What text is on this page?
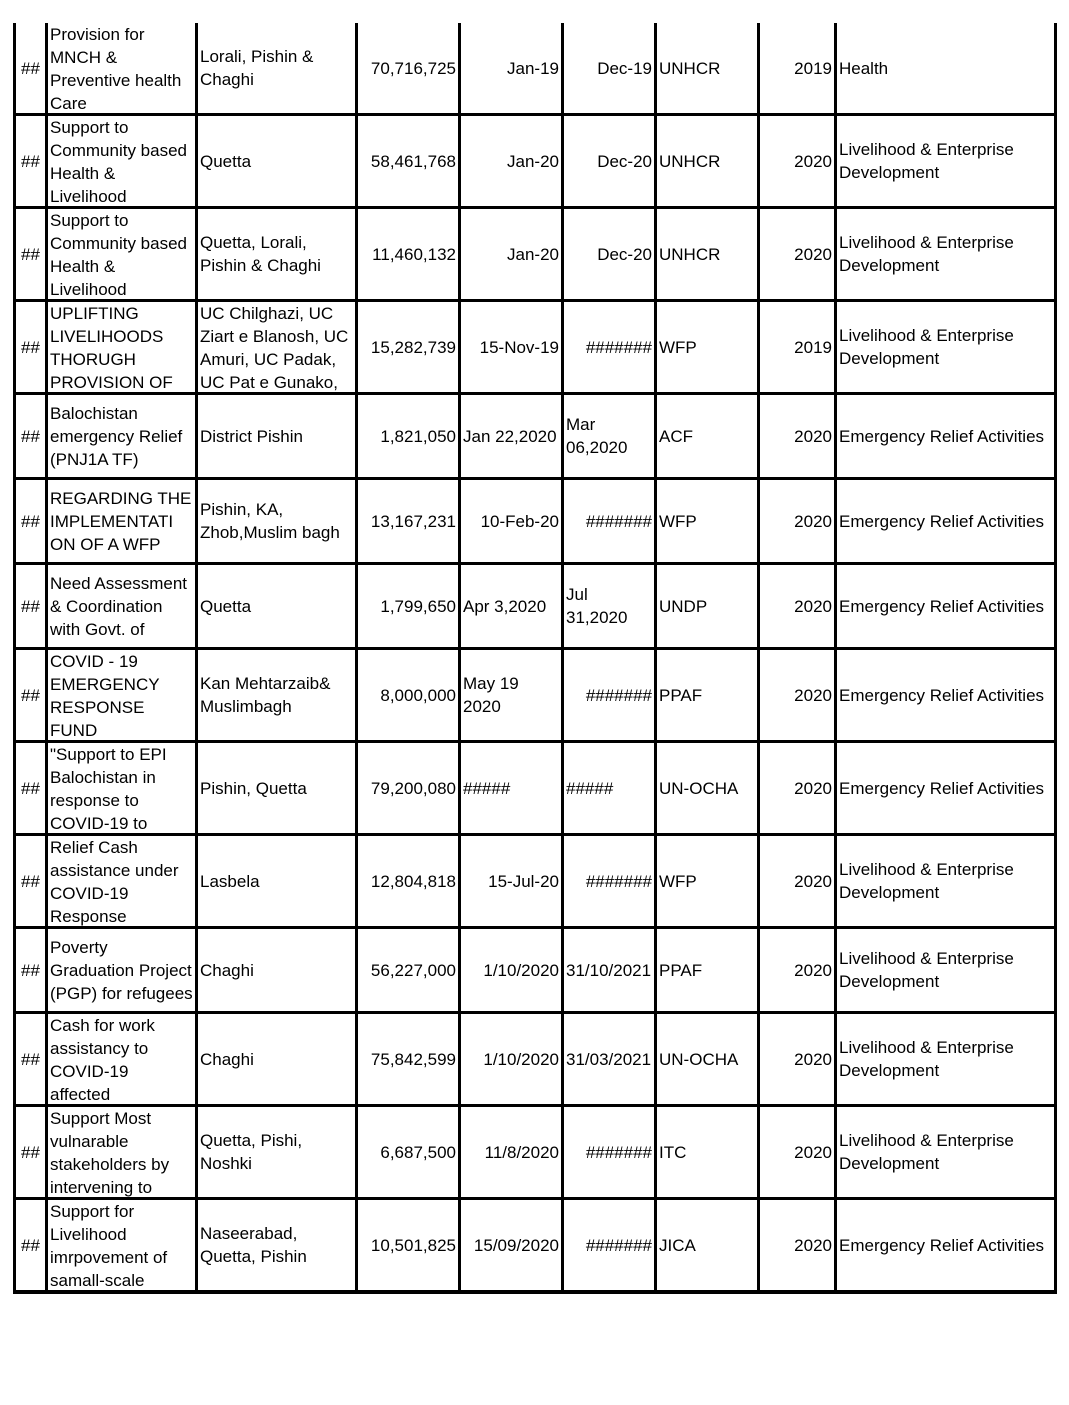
##	Provision for MNCH & Preventive health Care	Lorali, Pishin & Chaghi	70,716,725	Jan-19	Dec-19	UNHCR	2019	Health

##	Support to Community based Health & Livelihood	Quetta	58,461,768	Jan-20	Dec-20	UNHCR	2020	Livelihood & Enterprise Development

##	Support to Community based Health & Livelihood	Quetta, Lorali, Pishin & Chaghi	11,460,132	Jan-20	Dec-20	UNHCR	2020	Livelihood & Enterprise Development

##	UPLIFTING LIVELIHOODS THORUGH PROVISION OF	UC Chilghazi, UC Ziart e Blanosh, UC Amuri, UC Padak, UC Pat e Gunako,	15,282,739	15-Nov-19	#######	WFP	2019	Livelihood & Enterprise Development

##	Balochistan emergency Relief (PNJ1A TF)	District Pishin	1,821,050	Jan 22,2020	Mar 06,2020	ACF	2020	Emergency Relief Activities

##	REGARDING THE IMPLEMENTATI ON OF A WFP	Pishin, KA, Zhob,Muslim bagh	13,167,231	10-Feb-20	#######	WFP	2020	Emergency Relief Activities

##	Need Assessment & Coordination with Govt. of	Quetta	1,799,650	Apr 3,2020	Jul 31,2020	UNDP	2020	Emergency Relief Activities

##	COVID - 19 EMERGENCY RESPONSE FUND	Kan Mehtarzaib& Muslimbagh	8,000,000	May 19 2020	#######	PPAF	2020	Emergency Relief Activities

##	"Support to EPI Balochistan in response to COVID-19 to	Pishin, Quetta	79,200,080	#####	#####	UN-OCHA	2020	Emergency Relief Activities

##	Relief Cash assistance under COVID-19 Response	Lasbela	12,804,818	15-Jul-20	#######	WFP	2020	Livelihood & Enterprise Development

##	Poverty Graduation Project (PGP) for refugees	Chaghi	56,227,000	1/10/2020	31/10/2021	PPAF	2020	Livelihood & Enterprise Development

##	Cash for work assistancy to COVID-19 affected	Chaghi	75,842,599	1/10/2020	31/03/2021	UN-OCHA	2020	Livelihood & Enterprise Development

##	Support Most vulnarable stakeholders by intervening to	Quetta, Pishi, Noshki	6,687,500	11/8/2020	#######	ITC	2020	Livelihood & Enterprise Development

##	Support for Livelihood imrpovement of samall-scale	Naseerabad, Quetta, Pishin	10,501,825	15/09/2020	#######	JICA	2020	Emergency Relief Activities
